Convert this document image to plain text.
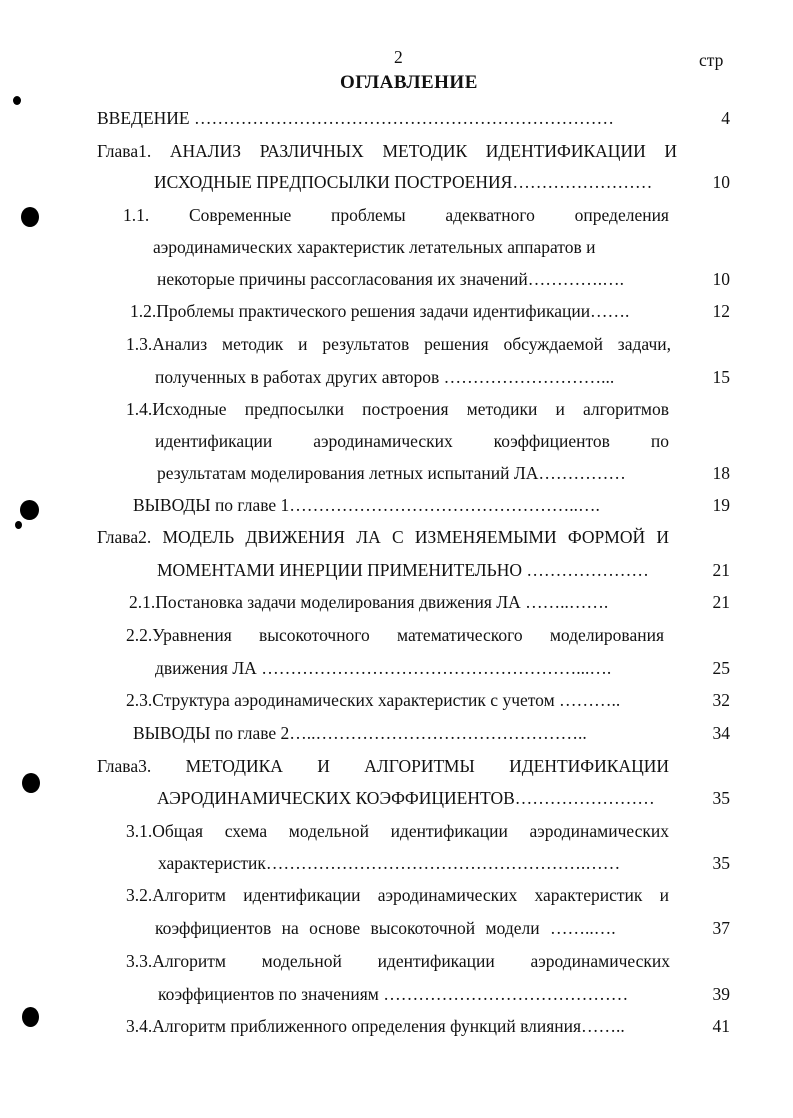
2	стр
ОГЛАВЛЕНИЕ
ВВЕДЕНИЕ ………………………………………………………………	4
Глава1. АНАЛИЗ РАЗЛИЧНЫХ МЕТОДИК ИДЕНТИФИКАЦИИ И
ИСХОДНЫЕ ПРЕДПОСЫЛКИ ПОСТРОЕНИЯ……………………	10
1.1. Современные проблемы адекватного определения
аэродинамических характеристик летательных аппаратов и
некоторые причины рассогласования их значений………….….	10
1.2.Проблемы практического решения задачи идентификации…….	12
1.3.Анализ методик и результатов решения обсуждаемой задачи,
полученных в работах других авторов ………………………...	15
1.4.Исходные предпосылки построения методики и алгоритмов
идентификации аэродинамических коэффициентов по
результатам моделирования летных испытаний ЛА……………	18
ВЫВОДЫ по главе 1…………………………………………..….	19
Глава2. МОДЕЛЬ ДВИЖЕНИЯ ЛА С ИЗМЕНЯЕМЫМИ ФОРМОЙ И
МОМЕНТАМИ ИНЕРЦИИ ПРИМЕНИТЕЛЬНО …………………	21
2.1.Постановка задачи моделирования движения ЛА ……..…….	21
2.2.Уравнения высокоточного математического моделирования
движения ЛА ………………………………………………...….	25
2.3.Структура аэродинамических характеристик с учетом ………..	32
ВЫВОДЫ по главе 2…..………………………………………..	34
Глава3. МЕТОДИКА И АЛГОРИТМЫ ИДЕНТИФИКАЦИИ
АЭРОДИНАМИЧЕСКИХ КОЭФФИЦИЕНТОВ……………………	35
3.1.Общая схема модельной идентификации аэродинамических
характеристик……………………………………………….……	35
3.2.Алгоритм идентификации аэродинамических характеристик и
коэффициентов на основе высокоточной модели ……..….	37
3.3.Алгоритм модельной идентификации аэродинамических
коэффициентов по значениям ……………………………………	39
3.4.Алгоритм приближенного определения функций влияния……..	41
